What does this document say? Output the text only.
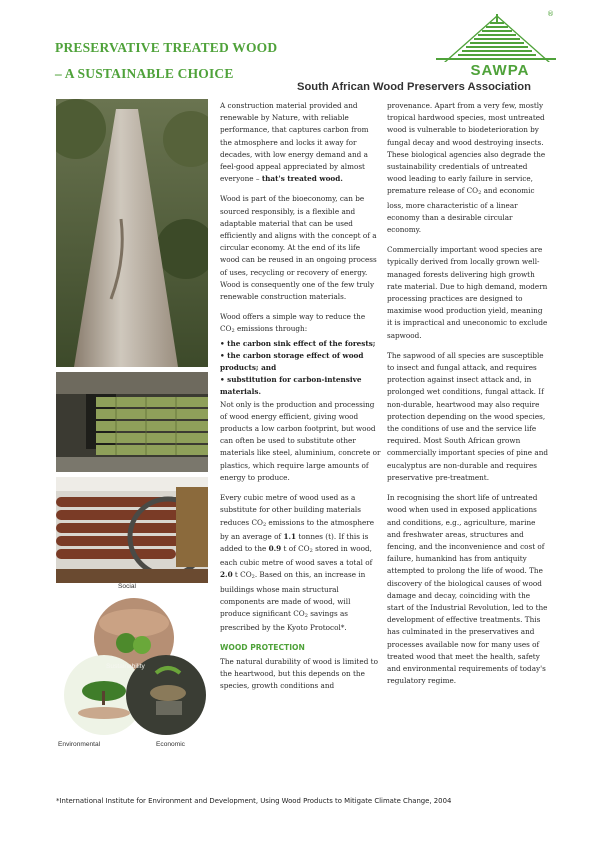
PRESERVATIVE TREATED WOOD
– A SUSTAINABLE CHOICE
®
SAWPA
South African Wood Preservers Association
Social
Sustainability
Environmental	Economic

A construction material provided and renewable by Nature, with reliable performance, that captures carbon from the atmosphere and locks it away for decades, with low energy demand and a feel-good appeal appreciated by almost everyone – that's treated wood.

Wood is part of the bioeconomy, can be sourced responsibly, is a flexible and adaptable material that can be used efficiently and aligns with the concept of a circular economy. At the end of its life wood can be reused in an ongoing process of uses, recycling or recovery of energy. Wood is consequently one of the few truly renewable construction materials.

Wood offers a simple way to reduce the $CO_2$ emissions through:
• the carbon sink effect of the forests;
• the carbon storage effect of wood products; and
• substitution for carbon-intensive materials.

Not only is the production and processing of wood energy efficient, giving wood products a low carbon footprint, but wood can often be used to substitute other materials like steel, aluminium, concrete or plastics, which require large amounts of energy to produce.

Every cubic metre of wood used as a substitute for other building materials reduces $CO_2$ emissions to the atmosphere by an average of 1.1 tonnes (t). If this is added to the 0.9 t of $CO_2$ stored in wood, each cubic metre of wood saves a total of 2.0 t $CO_2$. Based on this, an increase in buildings whose main structural components are made of wood, will produce significant $CO_2$ savings as prescribed by the Kyoto Protocol*.

WOOD PROTECTION

The natural durability of wood is limited to the heartwood, but this depends on the species, growth conditions and

provenance. Apart from a very few, mostly tropical hardwood species, most untreated wood is vulnerable to biodeterioration by fungal decay and wood destroying insects. These biological agencies also degrade the sustainability credentials of untreated wood leading to early failure in service, premature release of $CO_2$ and economic loss, more characteristic of a linear economy than a desirable circular economy.

Commercially important wood species are typically derived from locally grown well-managed forests delivering high growth rate material. Due to high demand, modern processing practices are designed to maximise wood production yield, meaning it is impractical and uneconomic to exclude sapwood.

The sapwood of all species are susceptible to insect and fungal attack, and requires protection against insect attack and, in prolonged wet conditions, fungal attack. If non-durable, heartwood may also require protection depending on the wood species, the conditions of use and the service life required. Most South African grown commercially important species of pine and eucalyptus are non-durable and requires preservative pre-treatment.

In recognising the short life of untreated wood when used in exposed applications and conditions, e.g., agriculture, marine and freshwater areas, structures and fencing, and the inconvenience and cost of failure, humankind has from antiquity attempted to prolong the life of wood. The discovery of the biological causes of wood damage and decay, coinciding with the start of the Industrial Revolution, led to the development of effective treatments. This has culminated in the preservatives and processes available now for many uses of treated wood that meet the health, safety and environmental requirements of today's regulatory regime.

*International Institute for Environment and Development, Using Wood Products to Mitigate Climate Change, 2004
